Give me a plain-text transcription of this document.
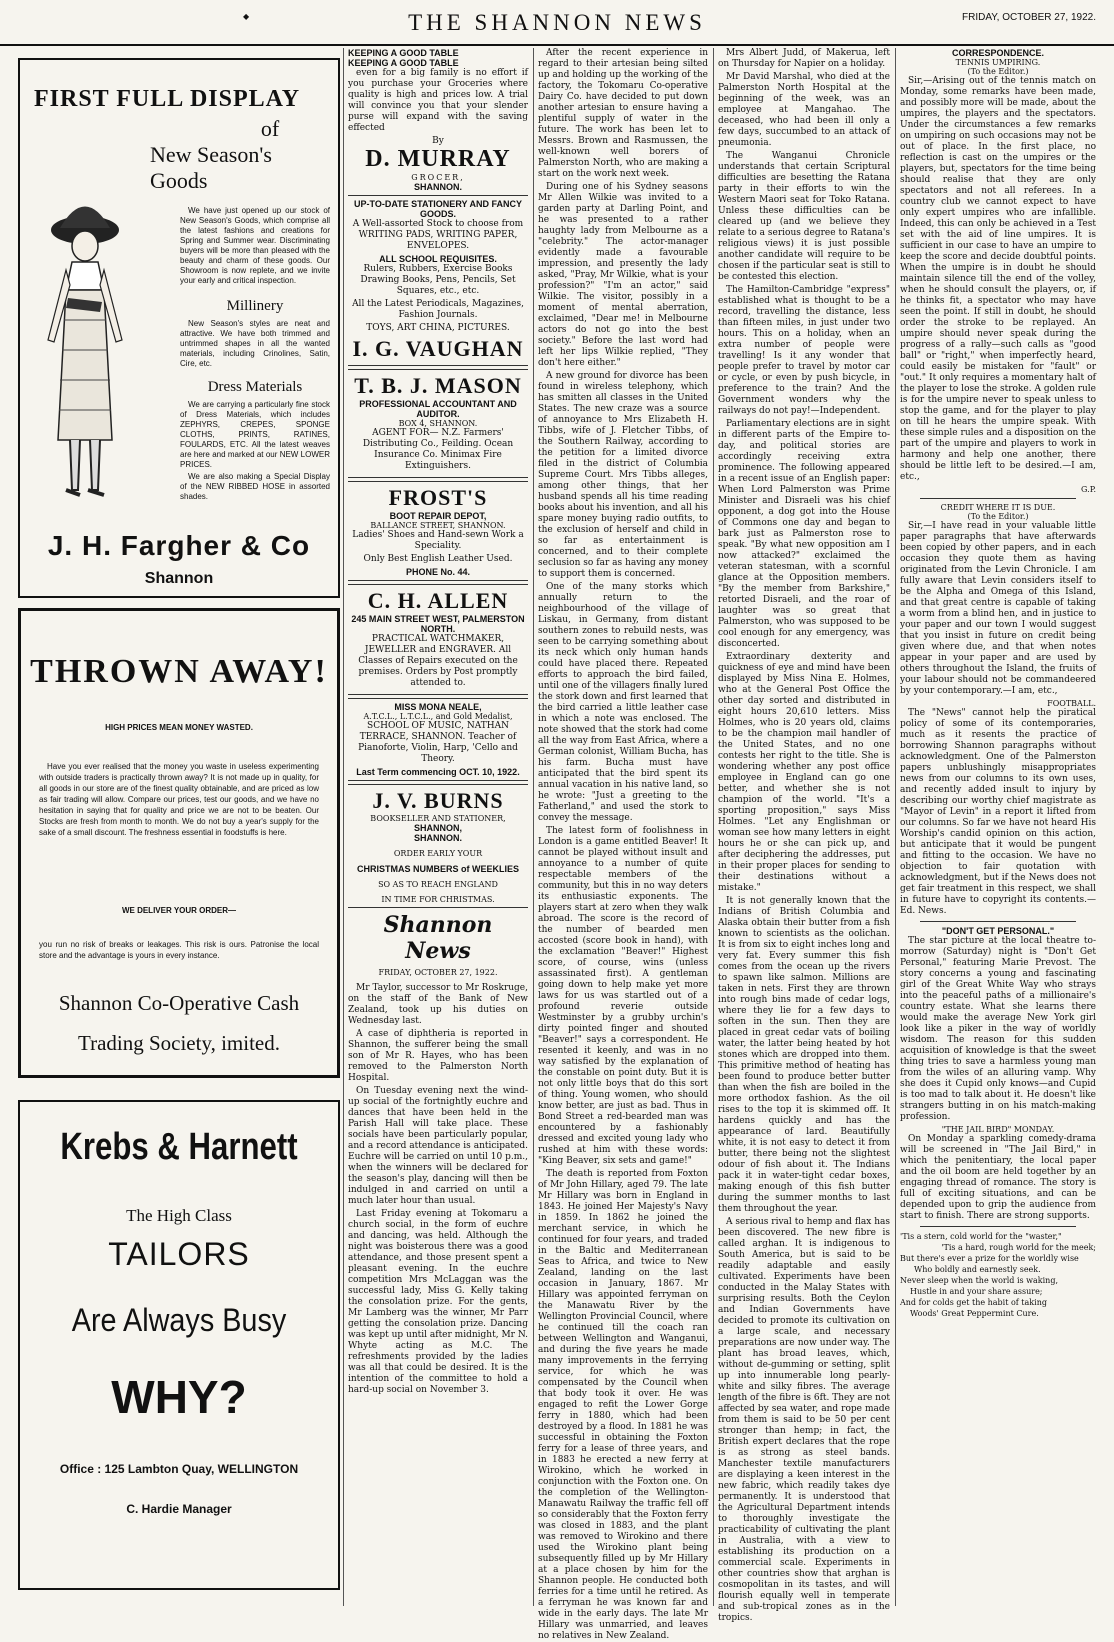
◆	THE SHANNON NEWS	FRIDAY, OCTOBER 27, 1922.
FIRST FULL DISPLAY
of
New Season's
Goods

We have just opened up our stock of New Season's Goods, which comprise all the latest fashions and creations for Spring and Summer wear. Discriminating buyers will be more than pleased with the beauty and charm of these goods. Our Showroom is now replete, and we invite your early and critical inspection.

Millinery

New Season's styles are neat and attractive. We have both trimmed and untrimmed shapes in all the wanted materials, including Crinolines, Satin, Cire, etc.

Dress Materials

We are carrying a particularly fine stock of Dress Materials, which includes ZEPHYRS, CREPES, SPONGE CLOTHS, PRINTS, RATINES, FOULARDS, ETC. All the latest weaves are here and marked at our NEW LOWER PRICES.

We are also making a Special Display of the NEW RIBBED HOSE in assorted shades.

J. H. Fargher & Co
Shannon
THROWN AWAY!
HIGH PRICES MEAN MONEY WASTED.

Have you ever realised that the money you waste in useless experimenting with outside traders is practically thrown away? It is not made up in quality, for all goods in our store are of the finest quality obtainable, and are priced as low as fair trading will allow. Compare our prices, test our goods, and we have no hesitation in saying that for quality and price we are not to be beaten. Our Stocks are fresh from month to month. We do not buy a year's supply for the sake of a small discount. The freshness essential in foodstuffs is here.

WE DELIVER YOUR ORDER—

you run no risk of breaks or leakages. This risk is ours. Patronise the local store and the advantage is yours in every instance.

Shannon Co-Operative Cash
Trading Society, imited.
Krebs & Harnett
The High Class
TAILORS
Are Always Busy
WHY?
Office : 125 Lambton Quay, WELLINGTON
C. Hardie Manager
KEEPING A GOOD TABLE
KEEPING A GOOD TABLE

even for a big family is no effort if you purchase your Groceries where quality is high and prices low. A trial will convince you that your slender purse will expand with the saving effected

By
D. MURRAY
GROCER,
SHANNON.
UP-TO-DATE STATIONERY AND FANCY GOODS.

A Well-assorted Stock to choose from WRITING PADS, WRITING PAPER, ENVELOPES.

ALL SCHOOL REQUISITES.

Rulers, Rubbers, Exercise Books Drawing Books, Pens, Pencils, Set Squares, etc., etc.

All the Latest Periodicals, Magazines, Fashion Journals.

TOYS, ART CHINA, PICTURES.

I. G. VAUGHAN
T. B. J. MASON
PROFESSIONAL ACCOUNTANT AND AUDITOR.
BOX 4, SHANNON.

AGENT FOR— N.Z. Farmers' Distributing Co., Feilding. Ocean Insurance Co. Minimax Fire Extinguishers.

FROST'S
BOOT REPAIR DEPOT,
BALLANCE STREET, SHANNON.

Ladies' Shoes and Hand-sewn Work a Speciality.

Only Best English Leather Used.

PHONE No. 44.
C. H. ALLEN
245 MAIN STREET WEST, PALMERSTON NORTH.

PRACTICAL WATCHMAKER, JEWELLER and ENGRAVER. All Classes of Repairs executed on the premises. Orders by Post promptly attended to.

MISS MONA NEALE,
A.T.C.L., L.T.C.L., and Gold Medalist,

SCHOOL OF MUSIC, NATHAN TERRACE, SHANNON. Teacher of Pianoforte, Violin, Harp, 'Cello and Theory.

Last Term commencing OCT. 10, 1922.
J. V. BURNS
BOOKSELLER AND STATIONER,
SHANNON,
SHANNON.
ORDER EARLY YOUR
CHRISTMAS NUMBERS of WEEKLIES
SO AS TO REACH ENGLAND
IN TIME FOR CHRISTMAS.
Shannon News
FRIDAY, OCTOBER 27, 1922.

Mr Taylor, successor to Mr Roskruge, on the staff of the Bank of New Zealand, took up his duties on Wednesday last.

A case of diphtheria is reported in Shannon, the sufferer being the small son of Mr R. Hayes, who has been removed to the Palmerston North Hospital.

On Tuesday evening next the wind-up social of the fortnightly euchre and dances that have been held in the Parish Hall will take place. These socials have been particularly popular, and a record attendance is anticipated. Euchre will be carried on until 10 p.m., when the winners will be declared for the season's play, dancing will then be indulged in and carried on until a much later hour than usual.

Last Friday evening at Tokomaru a church social, in the form of euchre and dancing, was held. Although the night was boisterous there was a good attendance, and those present spent a pleasant evening. In the euchre competition Mrs McLaggan was the successful lady, Miss G. Kelly taking the consolation prize. For the gents, Mr Lamberg was the winner, Mr Parr getting the consolation prize. Dancing was kept up until after midnight, Mr N. Whyte acting as M.C. The refreshments provided by the ladies was all that could be desired. It is the intention of the committee to hold a hard-up social on November 3.

After the recent experience in regard to their artesian being silted up and holding up the working of the factory, the Tokomaru Co-operative Dairy Co. have decided to put down another artesian to ensure having a plentiful supply of water in the future. The work has been let to Messrs. Brown and Rasmussen, the well-known well borers of Palmerston North, who are making a start on the work next week.

During one of his Sydney seasons Mr Allen Wilkie was invited to a garden party at Darling Point, and he was presented to a rather haughty lady from Melbourne as a "celebrity." The actor-manager evidently made a favourable impression, and presently the lady asked, "Pray, Mr Wilkie, what is your profession?" "I'm an actor," said Wilkie. The visitor, possibly in a moment of mental aberration, exclaimed, "Dear me! in Melbourne actors do not go into the best society." Before the last word had left her lips Wilkie replied, "They don't here either."

A new ground for divorce has been found in wireless telephony, which has smitten all classes in the United States. The new craze was a source of annoyance to Mrs Elizabeth H. Tibbs, wife of J. Fletcher Tibbs, of the Southern Railway, according to the petition for a limited divorce filed in the district of Columbia Supreme Court. Mrs Tibbs alleges, among other things, that her husband spends all his time reading books about his invention, and all his spare money buying radio outfits, to the exclusion of herself and child in so far as entertainment is concerned, and to their complete seclusion so far as having any money to support them is concerned.

One of the many storks which annually return to the neighbourhood of the village of Liskau, in Germany, from distant southern zones to rebuild nests, was seen to be carrying something about its neck which only human hands could have placed there. Repeated efforts to approach the bird failed, until one of the villagers finally lured the stork down and first learned that the bird carried a little leather case in which a note was enclosed. The note showed that the stork had come all the way from East Africa, where a German colonist, William Bucha, has his farm. Bucha must have anticipated that the bird spent its annual vacation in his native land, so he wrote: "Just a greeting to the Fatherland," and used the stork to convey the message.

The latest form of foolishness in London is a game entitled Beaver! It cannot be played without insult and annoyance to a number of quite respectable members of the community, but this in no way deters its enthusiastic exponents. The players start at zero when they walk abroad. The score is the record of the number of bearded men accosted (score book in hand), with the exclamation "Beaver!" Highest score, of course, wins (unless assassinated first). A gentleman going down to help make yet more laws for us was startled out of a profound reverie outside Westminster by a grubby urchin's dirty pointed finger and shouted "Beaver!" says a correspondent. He resented it keenly, and was in no way satisfied by the explanation of the constable on point duty. But it is not only little boys that do this sort of thing. Young women, who should know better, are just as bad. Thus in Bond Street a red-bearded man was encountered by a fashionably dressed and excited young lady who rushed at him with these words: "King Beaver, six sets and game!"

The death is reported from Foxton of Mr John Hillary, aged 79. The late Mr Hillary was born in England in 1843. He joined Her Majesty's Navy in 1859. In 1862 he joined the merchant service, in which he continued for four years, and traded in the Baltic and Mediterranean Seas to Africa, and twice to New Zealand, landing on the last occasion in January, 1867. Mr Hillary was appointed ferryman on the Manawatu River by the Wellington Provincial Council, where he continued till the coach ran between Wellington and Wanganui, and during the five years he made many improvements in the ferrying service, for which he was compensated by the Council when that body took it over. He was engaged to refit the Lower Gorge ferry in 1880, which had been destroyed by a flood. In 1881 he was successful in obtaining the Foxton ferry for a lease of three years, and in 1883 he erected a new ferry at Wirokino, which he worked in conjunction with the Foxton one. On the completion of the Wellington-Manawatu Railway the traffic fell off so considerably that the Foxton ferry was closed in 1883, and the plant was removed to Wirokino and there used the Wirokino plant being subsequently filled up by Mr Hillary at a place chosen by him for the Shannon people. He conducted both ferries for a time until he retired. As a ferryman he was known far and wide in the early days. The late Mr Hillary was unmarried, and leaves no relatives in New Zealand.

Mrs Albert Judd, of Makerua, left on Thursday for Napier on a holiday.

Mr David Marshal, who died at the Palmerston North Hospital at the beginning of the week, was an employee at Mangahao. The deceased, who had been ill only a few days, succumbed to an attack of pneumonia.

The Wanganui Chronicle understands that certain Scriptural difficulties are besetting the Ratana party in their efforts to win the Western Maori seat for Toko Ratana. Unless these difficulties can be cleared up (and we believe they relate to a serious degree to Ratana's religious views) it is just possible another candidate will require to be chosen if the particular seat is still to be contested this election.

The Hamilton-Cambridge "express" established what is thought to be a record, travelling the distance, less than fifteen miles, in just under two hours. This on a holiday, when an extra number of people were travelling! Is it any wonder that people prefer to travel by motor car or cycle, or even by push bicycle, in preference to the train? And the Government wonders why the railways do not pay!—Independent.

Parliamentary elections are in sight in different parts of the Empire to-day, and political stories are accordingly receiving extra prominence. The following appeared in a recent issue of an English paper: When Lord Palmerston was Prime Minister and Disraeli was his chief opponent, a dog got into the House of Commons one day and began to bark just as Palmerston rose to speak. "By what new opposition am I now attacked?" exclaimed the veteran statesman, with a scornful glance at the Opposition members. "By the member from Barkshire," retorted Disraeli, and the roar of laughter was so great that Palmerston, who was supposed to be cool enough for any emergency, was disconcerted.

Extraordinary dexterity and quickness of eye and mind have been displayed by Miss Nina E. Holmes, who at the General Post Office the other day sorted and distributed in eight hours 20,610 letters. Miss Holmes, who is 20 years old, claims to be the champion mail handler of the United States, and no one contests her right to the title. She is wondering whether any post office employee in England can go one better, and whether she is not champion of the world. "It's a sporting proposition," says Miss Holmes. "Let any Englishman or woman see how many letters in eight hours he or she can pick up, and after deciphering the addresses, put in their proper places for sending to their destinations without a mistake."

It is not generally known that the Indians of British Columbia and Alaska obtain their butter from a fish known to scientists as the oolichan. It is from six to eight inches long and very fat. Every summer this fish comes from the ocean up the rivers to spawn like salmon. Millions are taken in nets. First they are thrown into rough bins made of cedar logs, where they lie for a few days to soften in the sun. Then they are placed in great cedar vats of boiling water, the latter being heated by hot stones which are dropped into them. This primitive method of heating has been found to produce better butter than when the fish are boiled in the more orthodox fashion. As the oil rises to the top it is skimmed off. It hardens quickly and has the appearance of lard. Beautifully white, it is not easy to detect it from butter, there being not the slightest odour of fish about it. The Indians pack it in water-tight cedar boxes, making enough of this fish butter during the summer months to last them throughout the year.

A serious rival to hemp and flax has been discovered. The new fibre is called arghan. It is indigenous to South America, but is said to be readily adaptable and easily cultivated. Experiments have been conducted in the Malay States with surprising results. Both the Ceylon and Indian Governments have decided to promote its cultivation on a large scale, and necessary preparations are now under way. The plant has broad leaves, which, without de-gumming or setting, split up into innumerable long pearly-white and silky fibres. The average length of the fibre is 6ft. They are not affected by sea water, and rope made from them is said to be 50 per cent stronger than hemp; in fact, the British expert declares that the rope is as strong as steel bands. Manchester textile manufacturers are displaying a keen interest in the new fabric, which readily takes dye permanently. It is understood that the Agricultural Department intends to thoroughly investigate the practicability of cultivating the plant in Australia, with a view to establishing its production on a commercial scale. Experiments in other countries show that arghan is cosmopolitan in its tastes, and will flourish equally well in temperate and sub-tropical zones as in the tropics.

CORRESPONDENCE.
TENNIS UMPIRING.
(To the Editor.)

Sir,—Arising out of the tennis match on Monday, some remarks have been made, and possibly more will be made, about the umpires, the players and the spectators. Under the circumstances a few remarks on umpiring on such occasions may not be out of place. In the first place, no reflection is cast on the umpires or the players, but, spectators for the time being should realise that they are only spectators and not all referees. In a country club we cannot expect to have only expert umpires who are infallible. Indeed, this can only be achieved in a Test set with the aid of line umpires. It is sufficient in our case to have an umpire to keep the score and decide doubtful points. When the umpire is in doubt he should maintain silence till the end of the volley, when he should consult the players, or, if he thinks fit, a spectator who may have seen the point. If still in doubt, he should order the stroke to be replayed. An umpire should never speak during the progress of a rally—such calls as "good ball" or "right," when imperfectly heard, could easily be mistaken for "fault" or "out." It only requires a momentary halt of the player to lose the stroke. A golden rule is for the umpire never to speak unless to stop the game, and for the player to play on till he hears the umpire speak. With these simple rules and a disposition on the part of the umpire and players to work in harmony and help one another, there should be little left to be desired.—I am, etc.,

G.P.
CREDIT WHERE IT IS DUE.
(To the Editor.)

Sir,—I have read in your valuable little paper paragraphs that have afterwards been copied by other papers, and in each occasion they quote them as having originated from the Levin Chronicle. I am fully aware that Levin considers itself to be the Alpha and Omega of this Island, and that great centre is capable of taking a worm from a blind hen, and in justice to your paper and our town I would suggest that you insist in future on credit being given where due, and that when notes appear in your paper and are used by others throughout the Island, the fruits of your labour should not be commandeered by your contemporary.—I am, etc.,

FOOTBALL.

The "News" cannot help the piratical policy of some of its contemporaries, much as it resents the practice of borrowing Shannon paragraphs without acknowledgment. One of the Palmerston papers unblushingly misappropriates news from our columns to its own uses, and recently added insult to injury by describing our worthy chief magistrate as "Mayor of Levin" in a report it lifted from our columns. So far we have not heard His Worship's candid opinion on this action, but anticipate that it would be pungent and fitting to the occasion. We have no objection to fair quotation with acknowledgment, but if the News does not get fair treatment in this respect, we shall in future have to copyright its contents.—Ed. News.

"DON'T GET PERSONAL."

The star picture at the local theatre to-morrow (Saturday) night is "Don't Get Personal," featuring Marie Prevost. The story concerns a young and fascinating girl of the Great White Way who strays into the peaceful paths of a millionaire's country estate. What she learns there would make the average New York girl look like a piker in the way of worldly wisdom. The reason for this sudden acquisition of knowledge is that the sweet thing tries to save a harmless young man from the wiles of an alluring vamp. Why she does it Cupid only knows—and Cupid is too mad to talk about it. He doesn't like strangers butting in on his match-making profession.

"THE JAIL BIRD" MONDAY.

On Monday a sparkling comedy-drama will be screened in "The Jail Bird," in which the penitentiary, the local paper and the oil boom are held together by an engaging thread of romance. The story is full of exciting situations, and can be depended upon to grip the audience from start to finish. There are strong supports.

'Tis a stern, cold world for the "waster,"
'Tis a hard, rough world for the meek;
But there's ever a prize for the worldly wise
Who boldly and earnestly seek.
Never sleep when the world is waking,
Hustle in and your share assure;
And for colds get the habit of taking
Woods' Great Peppermint Cure.
